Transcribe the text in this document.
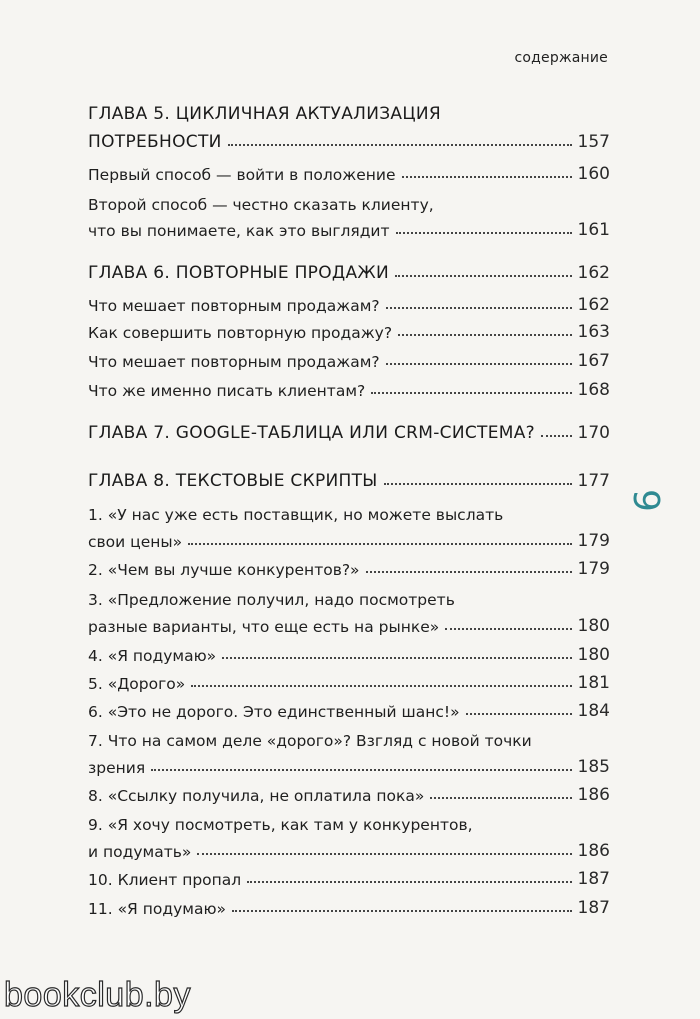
содержание
ГЛАВА 5. ЦИКЛИЧНАЯ АКТУАЛИЗАЦИЯ
ПОТРЕБНОСТИ	157
Первый способ — войти в положение	160
Второй способ — честно сказать клиенту,
что вы понимаете, как это выглядит	161
ГЛАВА 6. ПОВТОРНЫЕ ПРОДАЖИ	162
Что мешает повторным продажам?	162
Как совершить повторную продажу?	163
Что мешает повторным продажам?	167
Что же именно писать клиентам?	168
ГЛАВА 7. GOOGLE-ТАБЛИЦА ИЛИ CRM-СИСТЕМА?	170
ГЛАВА 8. ТЕКСТОВЫЕ СКРИПТЫ	177
1. «У нас уже есть поставщик, но можете выслать
свои цены»	179
2. «Чем вы лучше конкурентов?»	179
3. «Предложение получил, надо посмотреть
разные варианты, что еще есть на рынке»	180
4. «Я подумаю»	180
5. «Дорого»	181
6. «Это не дорого. Это единственный шанс!»	184
7. Что на самом деле «дорого»? Взгляд с новой точки
зрения	185
8. «Ссылку получила, не оплатила пока»	186
9. «Я хочу посмотреть, как там у конкурентов,
и подумать»	186
10. Клиент пропал	187
11. «Я подумаю»	187
9
bookclub.by
